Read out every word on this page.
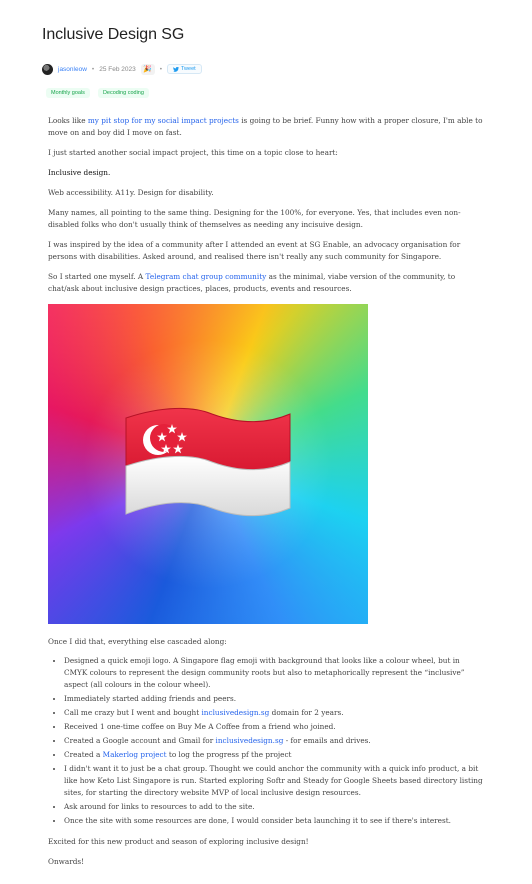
Inclusive Design SG
jasonleow • 25 Feb 2023	🎉	•	Tweet
Monthly goals	Decoding coding

Looks like my pit stop for my social impact projects is going to be brief. Funny how with a proper closure, I'm able to move on and boy did I move on fast.

I just started another social impact project, this time on a topic close to heart:

Inclusive design.

Web accessibility. A11y. Design for disability.

Many names, all pointing to the same thing. Designing for the 100%, for everyone. Yes, that includes even non-disabled folks who don't usually think of themselves as needing any incisuive design.

I was inspired by the idea of a community after I attended an event at SG Enable, an advocacy organisation for persons with disabilities. Asked around, and realised there isn't really any such community for Singapore.

So I started one myself. A Telegram chat group community as the minimal, viabe version of the community, to chat/ask about inclusive design practices, places, products, events and resources.

Once I did that, everything else cascaded along:

• Designed a quick emoji logo. A Singapore flag emoji with background that looks like a colour wheel, but in CMYK colours to represent the design community roots but also to metaphorically represent the “inclusive” aspect (all colours in the colour wheel).
• Immediately started adding friends and peers.
• Call me crazy but I went and bought inclusivedesign.sg domain for 2 years.
• Received 1 one-time coffee on Buy Me A Coffee from a friend who joined.
• Created a Google account and Gmail for inclusivedesign.sg - for emails and drives.
• Created a Makerlog project to log the progress pf the project
• I didn't want it to just be a chat group. Thought we could anchor the community with a quick info product, a bit like how Keto List Singapore is run. Started exploring Softr and Steady for Google Sheets based directory listing sites, for starting the directory website MVP of local inclusive design resources.
• Ask around for links to resources to add to the site.
• Once the site with some resources are done, I would consider beta launching it to see if there's interest.

Excited for this new product and season of exploring inclusive design!

Onwards!
